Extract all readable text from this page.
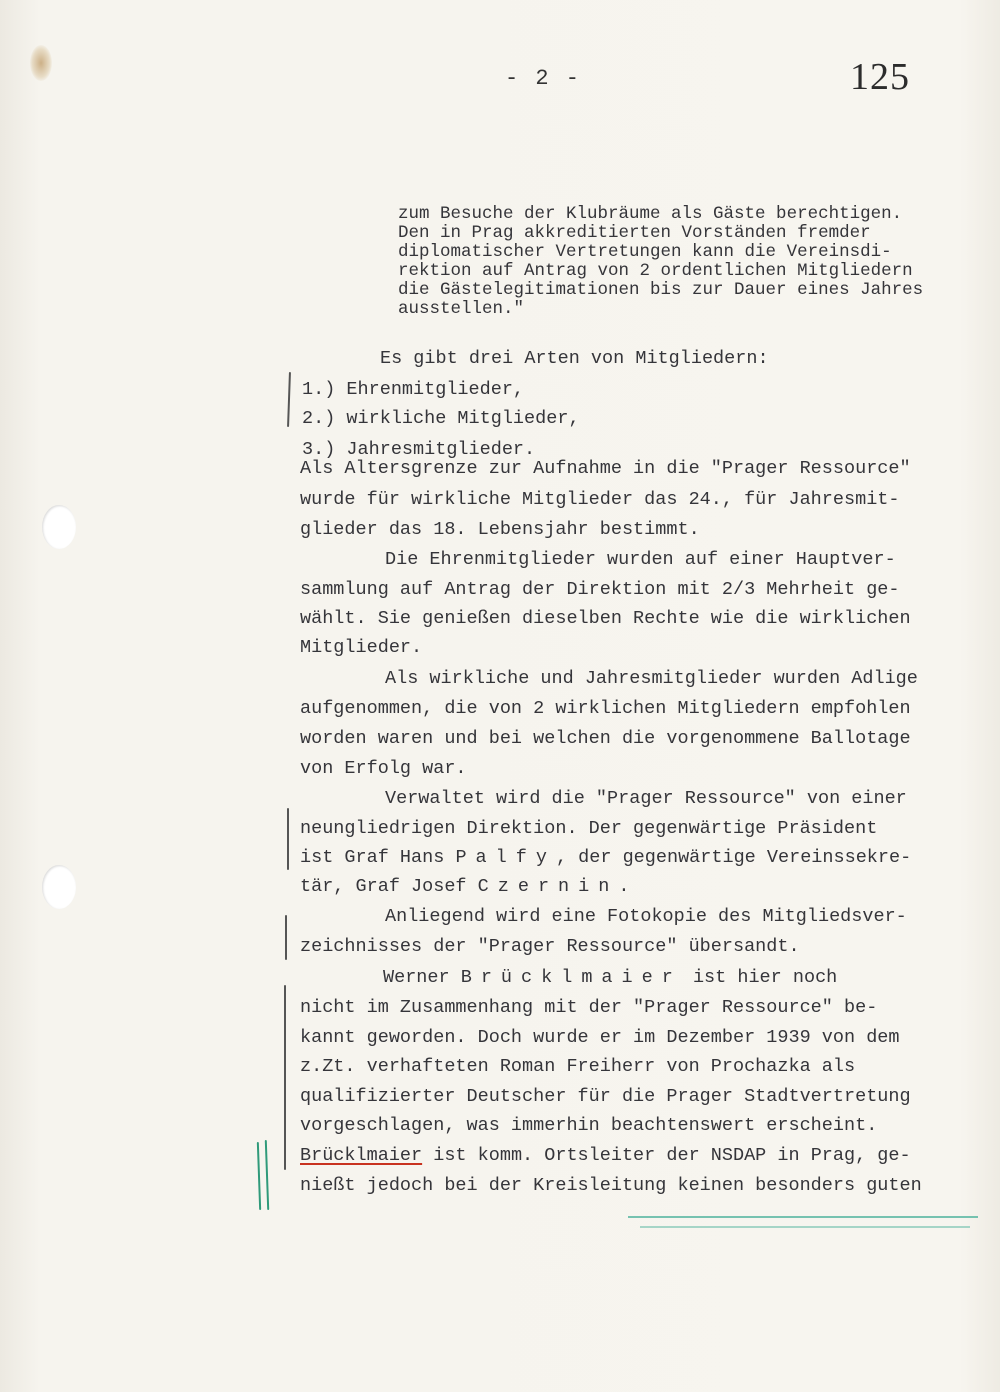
- 2 -	125
zum Besuche der Klubräume als Gäste berechtigen.
Den in Prag akkreditierten Vorständen fremder
diplomatischer Vertretungen kann die Vereinsdi-
rektion auf Antrag von 2 ordentlichen Mitgliedern
die Gästelegitimationen bis zur Dauer eines Jahres
ausstellen."
Es gibt drei Arten von Mitgliedern:
1.) Ehrenmitglieder,
2.) wirkliche Mitglieder,
3.) Jahresmitglieder.
Als Altersgrenze zur Aufnahme in die "Prager Ressource"
wurde für wirkliche Mitglieder das 24., für Jahresmit-
glieder das 18. Lebensjahr bestimmt.
Die Ehrenmitglieder wurden auf einer Hauptver-
sammlung auf Antrag der Direktion mit 2/3 Mehrheit ge-
wählt. Sie genießen dieselben Rechte wie die wirklichen
Mitglieder.
Als wirkliche und Jahresmitglieder wurden Adlige
aufgenommen, die von 2 wirklichen Mitgliedern empfohlen
worden waren und bei welchen die vorgenommene Ballotage
von Erfolg war.
Verwaltet wird die "Prager Ressource" von einer
neungliedrigen Direktion. Der gegenwärtige Präsident
ist Graf Hans Palfy, der gegenwärtige Vereinssekre-
tär, Graf Josef Czernin.
Anliegend wird eine Fotokopie des Mitgliedsver-
zeichnisses der "Prager Ressource" übersandt.
Werner Brücklmaier ist hier noch
nicht im Zusammenhang mit der "Prager Ressource" be-
kannt geworden. Doch wurde er im Dezember 1939 von dem
z.Zt. verhafteten Roman Freiherr von Prochazka als
qualifizierter Deutscher für die Prager Stadtvertretung
vorgeschlagen, was immerhin beachtenswert erscheint.
Brücklmaier ist komm. Ortsleiter der NSDAP in Prag, ge-
nießt jedoch bei der Kreisleitung keinen besonders guten
